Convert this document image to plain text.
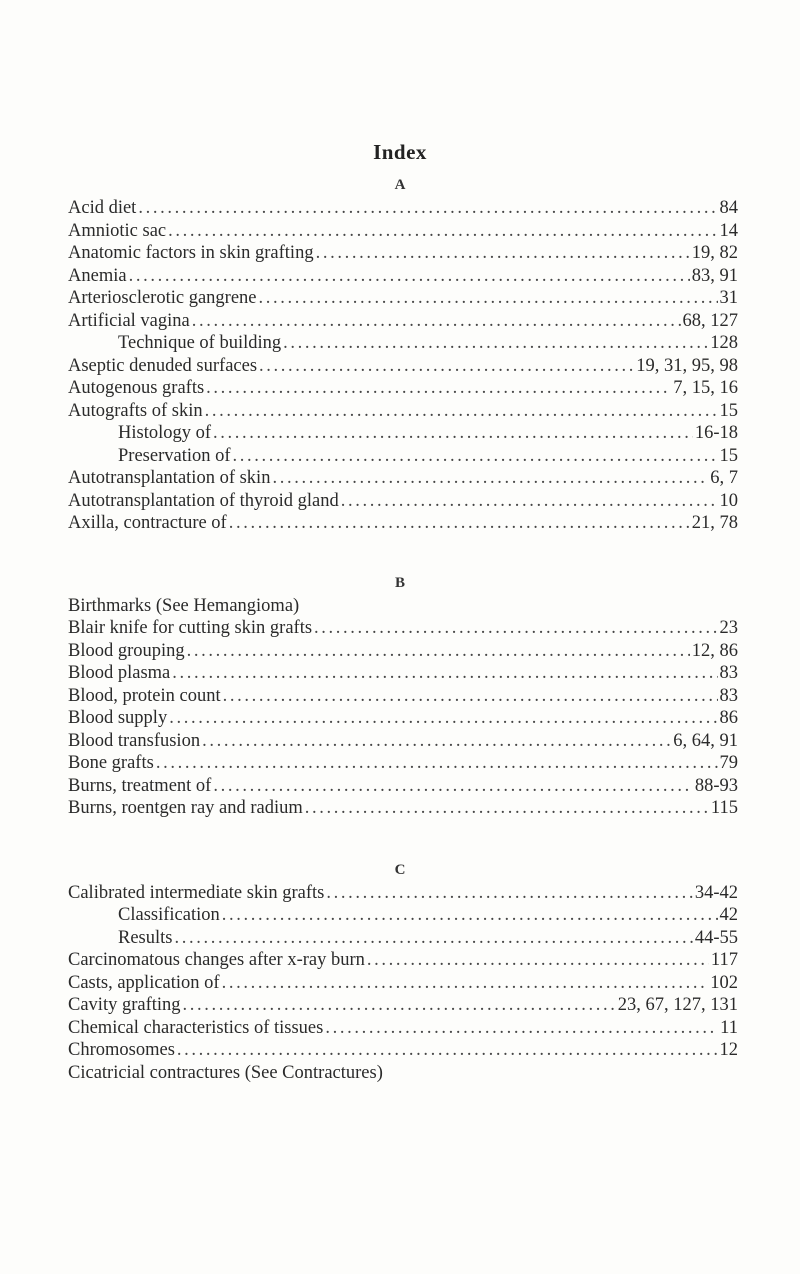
Index
A
Acid diet . . .	84
Amniotic sac . . .	14
Anatomic factors in skin grafting . . .	19, 82
Anemia . . .	83, 91
Arteriosclerotic gangrene . . .	31
Artificial vagina . . .	68, 127
Technique of building . . .	128
Aseptic denuded surfaces . . .	19, 31, 95, 98
Autogenous grafts . . .	7, 15, 16
Autografts of skin . . .	15
Histology of . . .	16-18
Preservation of . . .	15
Autotransplantation of skin . . .	6, 7
Autotransplantation of thyroid gland . . .	10
Axilla, contracture of . . .	21, 78
B
Birthmarks (See Hemangioma)
Blair knife for cutting skin grafts . . .	23
Blood grouping . . .	12, 86
Blood plasma . . .	83
Blood, protein count . . .	83
Blood supply . . .	86
Blood transfusion . . .	6, 64, 91
Bone grafts . . .	79
Burns, treatment of . . .	88-93
Burns, roentgen ray and radium . . .	115
C
Calibrated intermediate skin grafts . . .	34-42
Classification . . .	42
Results . . .	44-55
Carcinomatous changes after x-ray burn . . .	117
Casts, application of . . .	102
Cavity grafting . . .	23, 67, 127, 131
Chemical characteristics of tissues . . .	11
Chromosomes . . .	12
Cicatricial contractures (See Contractures)
